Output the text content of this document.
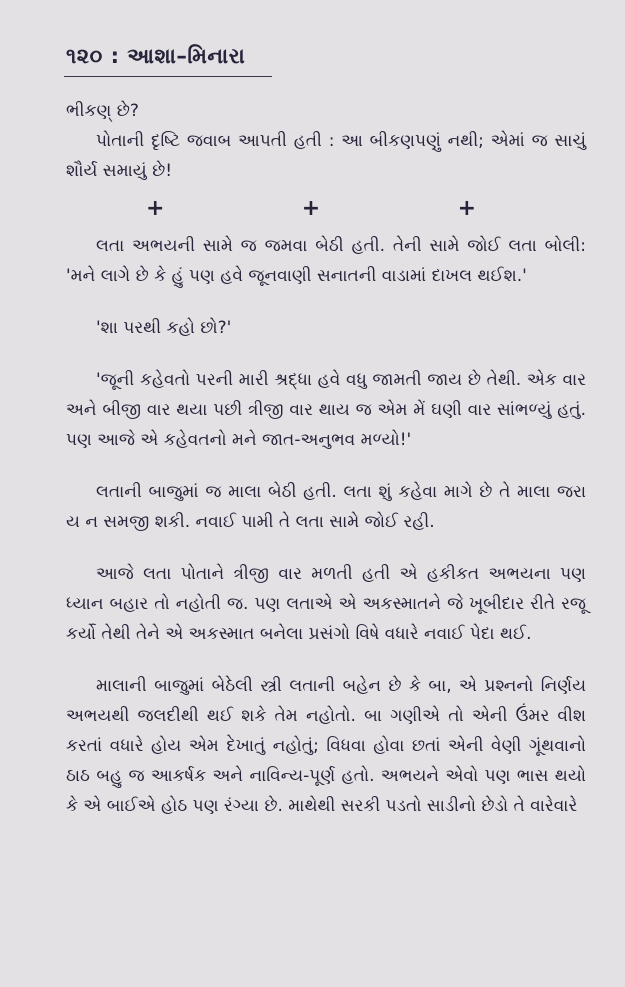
૧૨૦ : આશા–મિનારા

ભીકણ્ છે?

પોતાની દૃષ્ટિ જવાબ આપતી હતી : આ બીકણપણું નથી; એમાં જ સાચું શૌર્ય સમાયું છે!

+	+	+

લતા અભયની સામે જ જમવા બેઠી હતી. તેની સામે જોઈ લતા બોલી: 'મને લાગે છે કે હું પણ હવે જૂનવાણી સનાતની વાડામાં દાખલ થઈશ.'

'શા પરથી કહો છો?'

'જૂની કહેવતો પરની મારી શ્રદ્ધા હવે વધુ જામતી જાય છે તેથી. એક વાર અને બીજી વાર થયા પછી ત્રીજી વાર થાય જ એમ મેં ઘણી વાર સાંભળ્યું હતું. પણ આજે એ કહેવતનો મને જાત-અનુભવ મળ્યો!'

લતાની બાજુમાં જ માલા બેઠી હતી. લતા શું કહેવા માગે છે તે માલા જરા ય ન સમજી શકી. નવાઈ પામી તે લતા સામે જોઈ રહી.

આજે લતા પોતાને ત્રીજી વાર મળતી હતી એ હકીકત અભયના પણ ધ્યાન બહાર તો નહોતી જ. પણ લતાએ એ અકસ્માતને જે ખૂબીદાર રીતે રજૂ કર્યો તેથી તેને એ અકસ્માત બનેલા પ્રસંગો વિષે વધારે નવાઈ પેદા થઈ.

માલાની બાજુમાં બેઠેલી સ્ત્રી લતાની બહેન છે કે બા, એ પ્રશ્નનો નિર્ણય અભયથી જલદીથી થઈ શકે તેમ નહોતો. બા ગણીએ તો એની ઉંમર વીશ કરતાં વધારે હોય એમ દેખાતું નહોતું; વિધવા હોવા છતાં એની વેણી ગૂંથવાનો ઠાઠ બહુ જ આકર્ષક અને નાવિન્ય-પૂર્ણ હતો. અભયને એવો પણ ભાસ થયો કે એ બાઈએ હોઠ પણ રંગ્યા છે. માથેથી સરકી પડતો સાડીનો છેડો તે વારેવારે
